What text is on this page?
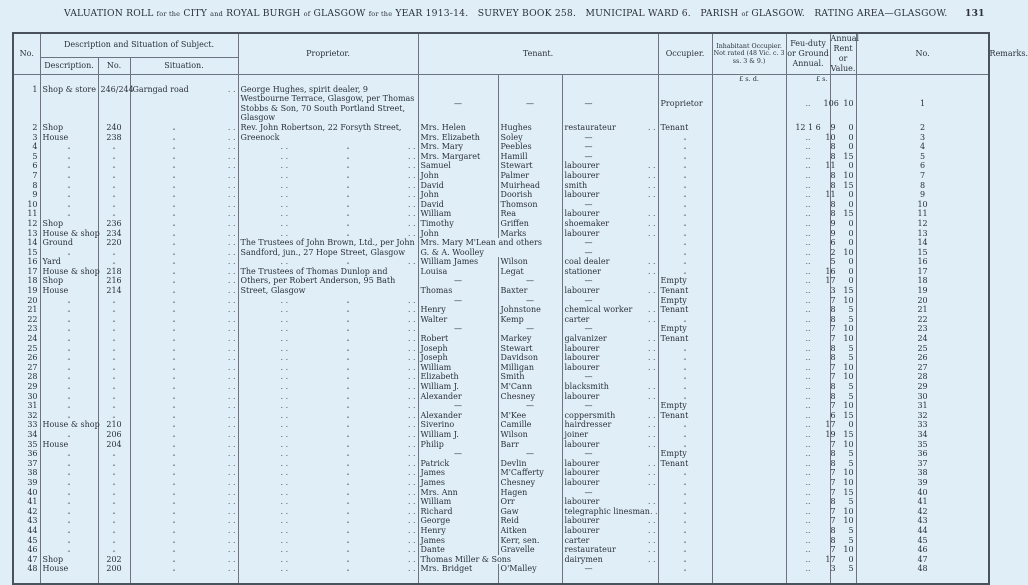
VALUATION ROLL for the CITY and ROYAL BURGH of GLASGOW for the YEAR 1913-14. SURVEY BOOK 258. MUNICIPAL WARD 6. PARISH of GLASGOW. RATING AREA—GLASGOW. 131
No.	Description and Situation of Subject.			Proprietor.	Tenant.			Occupier.	Inhabitant Occupier. Not rated (48 Vic. c. 3 ss. 3 & 9.)	Feu-duty or Ground Annual.	Annual Rent or Value.	No.	Remarks.
	Description.	No.	Situation.										
									£ s. d.	£ s.			
1	Shop & store	246/244	Garngad road . .	George Hughes, spirit dealer, 9 Westbourne Terrace, Glasgow, per Thomas Stobbs & Son, 70 South Portland Street, Glasgow	—	—	—	Proprietor		..	106 10	1	
2	Shop	240	„ . .	Rev. John Robertson, 22 Forsyth Street, Greenock	Mrs. Helen	Hughes	restaurateur . .	Tenant		12 1 6	9 0	2	
3	House	238	„ . .		Mrs. Elizabeth	Soley	—	„		..	10 0	3	
4	„	„	„ . .	. . „ . .	Mrs. Mary	Peebles	—	„		..	8 0	4	
5	„	„	„ . .	. . „ . .	Mrs. Margaret	Hamill	—	„		..	8 15	5	
6	„	„	„ . .	. . „ . .	Samuel	Stewart	labourer . .	„		..	11 0	6	
7	„	„	„ . .	. . „ . .	John	Palmer	labourer . .	„		..	8 10	7	
8	„	„	„ . .	. . „ . .	David	Muirhead	smith . .	„		..	8 15	8	
9	„	„	„ . .	. . „ . .	John	Doorish	labourer . .	„		..	11 0	9	
10	„	„	„ . .	. . „ . .	David	Thomson	—	„		..	8 0	10	
11	„	„	„ . .	. . „ . .	William	Rea	labourer . .	„		..	8 15	11	
12	Shop	236	„ . .	. . „ . .	Timothy	Griffen	shoemaker . .	„		..	9 0	12	
13	House & shop	234	„ . .	. . „ . .	John	Marks	labourer . .	„		..	9 0	13	
14	Ground	220	„ . .	The Trustees of John Brown, Ltd., per John Sandford, jun., 27 Hope Street, Glasgow	Mrs. Mary M'Lean and others		—	„		..	6 0	14	
15	„	„	„ . .		G. & A. Woolley		—	„		..	2 10	15	
16	Yard	„	„ . .	. . „ . .	William James	Wilson	coal dealer . .	„		..	5 0	16	
17	House & shop	218	„ . .	The Trustees of Thomas Dunlop and Others, per Robert Anderson, 95 Bath Street, Glasgow	Louisa	Legat	stationer . .	„		..	16 0	17	
18	Shop	216	„ . .		—	—	—	Empty		..	17 0	18	
19	House	214	„ . .		Thomas	Baxter	labourer . .	Tenant		..	3 15	19	
20	„	„	„ . .	. . „ . .	—	—	—	Empty		..	7 10	20	
21	„	„	„ . .	. . „ . .	Henry	Johnstone	chemical worker . .	Tenant		..	8 5	21	
22	„	„	„ . .	. . „ . .	Walter	Kemp	carter . .	„		..	8 5	22	
23	„	„	„ . .	. . „ . .	—	—	—	Empty		..	7 10	23	
24	„	„	„ . .	. . „ . .	Robert	Markey	galvanizer . .	Tenant		..	7 10	24	
25	„	„	„ . .	. . „ . .	Joseph	Stewart	labourer . .	„		..	8 5	25	
26	„	„	„ . .	. . „ . .	Joseph	Davidson	labourer . .	„		..	8 5	26	
27	„	„	„ . .	. . „ . .	William	Milligan	labourer . .	„		..	7 10	27	
28	„	„	„ . .	. . „ . .	Elizabeth	Smith	—	„		..	7 10	28	
29	„	„	„ . .	. . „ . .	William J.	M'Cann	blacksmith . .	„		..	8 5	29	
30	„	„	„ . .	. . „ . .	Alexander	Chesney	labourer . .	„		..	8 5	30	
31	„	„	„ . .	. . „ . .	—	—	—	Empty		..	7 10	31	
32	„	„	„ . .	. . „ . .	Alexander	M'Kee	coppersmith . .	Tenant		..	6 15	32	
33	House & shop	210	„ . .	. . „ . .	Siverino	Camille	hairdresser . .	„		..	17 0	33	
34	„	206	„ . .	. . „ . .	William J.	Wilson	joiner . .	„		..	19 15	34	
35	House	204	„ . .	. . „ . .	Philip	Barr	labourer . .	„		..	7 10	35	
36	„	„	„ . .	. . „ . .	—	—	—	Empty		..	8 5	36	
37	„	„	„ . .	. . „ . .	Patrick	Devlin	labourer . .	Tenant		..	8 5	37	
38	„	„	„ . .	. . „ . .	James	M'Cafferty	labourer . .	„		..	7 10	38	
39	„	„	„ . .	. . „ . .	James	Chesney	labourer . .	„		..	7 10	39	
40	„	„	„ . .	. . „ . .	Mrs. Ann	Hagen	—	„		..	7 15	40	
41	„	„	„ . .	. . „ . .	William	Orr	labourer . .	„		..	8 5	41	
42	„	„	„ . .	. . „ . .	Richard	Gaw	telegraphic linesman . .	„		..	7 10	42	
43	„	„	„ . .	. . „ . .	George	Reid	labourer . .	„		..	7 10	43	
44	„	„	„ . .	. . „ . .	Henry	Aitken	labourer . .	„		..	8 5	44	
45	„	„	„ . .	. . „ . .	James	Kerr, sen.	carter . .	„		..	8 5	45	
46	„	„	„ . .	. . „ . .	Dante	Gravelle	restaurateur . .	„		..	7 10	46	
47	Shop	202	„ . .	. . „ . .	Thomas Miller & Sons		dairymen . .	„		..	17 0	47	
48	House	200	„ . .	. . „ . .	Mrs. Bridget	O'Malley	—	„		..	3 5	48	
